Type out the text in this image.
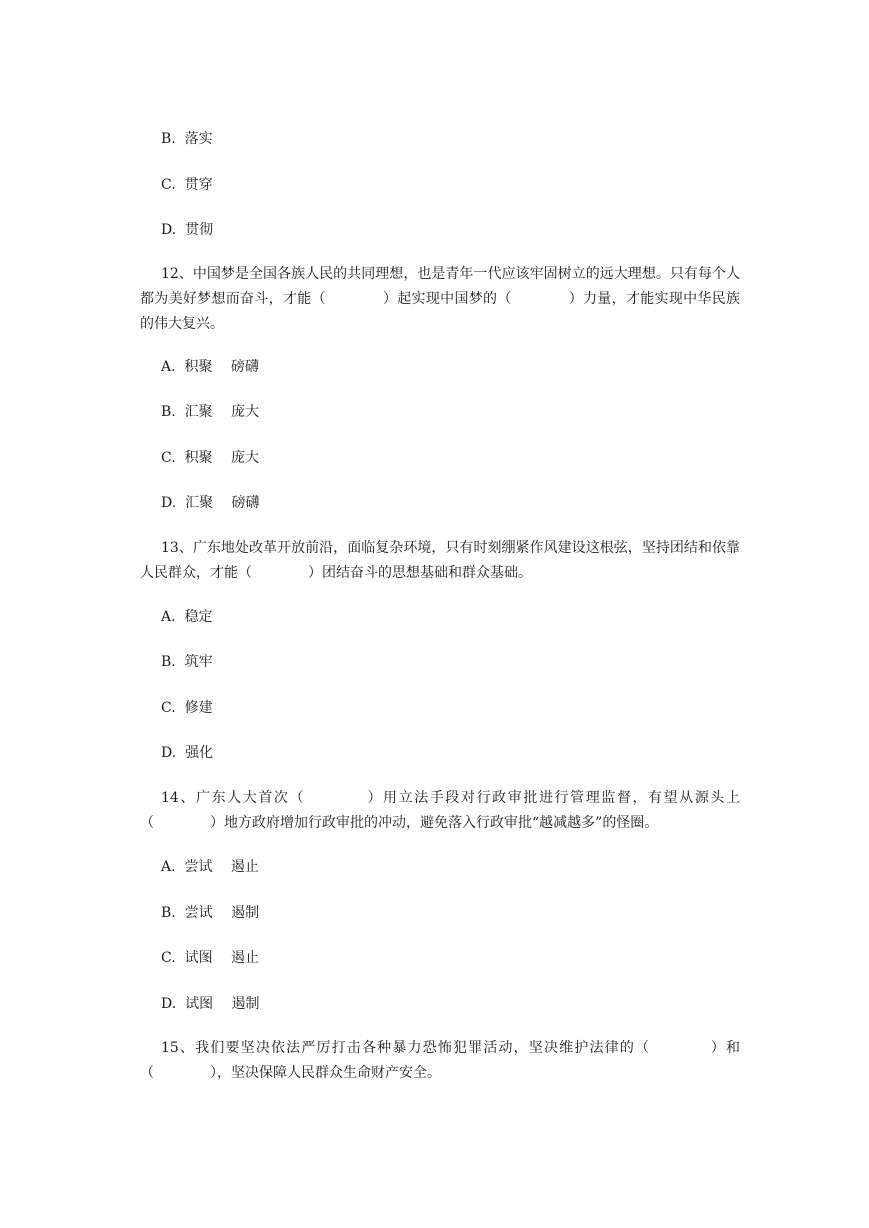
B.  落实
C.  贯穿
D.  贯彻

12、中国梦是全国各族人民的共同理想，也是青年一代应该牢固树立的远大理想。只有每个人都为美好梦想而奋斗，才能（　　　　）起实现中国梦的（　　　　）力量，才能实现中华民族的伟大复兴。

A.  积聚　 磅礴
B.  汇聚　 庞大
C.  积聚　 庞大
D.  汇聚　 磅礴

13、广东地处改革开放前沿，面临复杂环境，只有时刻绷紧作风建设这根弦，坚持团结和依靠人民群众，才能（　　　　）团结奋斗的思想基础和群众基础。

A.  稳定
B.  筑牢
C.  修建
D.  强化

14、广东人大首次（　　　　）用立法手段对行政审批进行管理监督，有望从源头上（　　　　）地方政府增加行政审批的冲动，避免落入行政审批“越减越多”的怪圈。

A.  尝试　 遏止
B.  尝试　 遏制
C.  试图　 遏止
D.  试图　 遏制

15、我们要坚决依法严厉打击各种暴力恐怖犯罪活动，坚决维护法律的（　　　　）和（　　　　），坚决保障人民群众生命财产安全。
